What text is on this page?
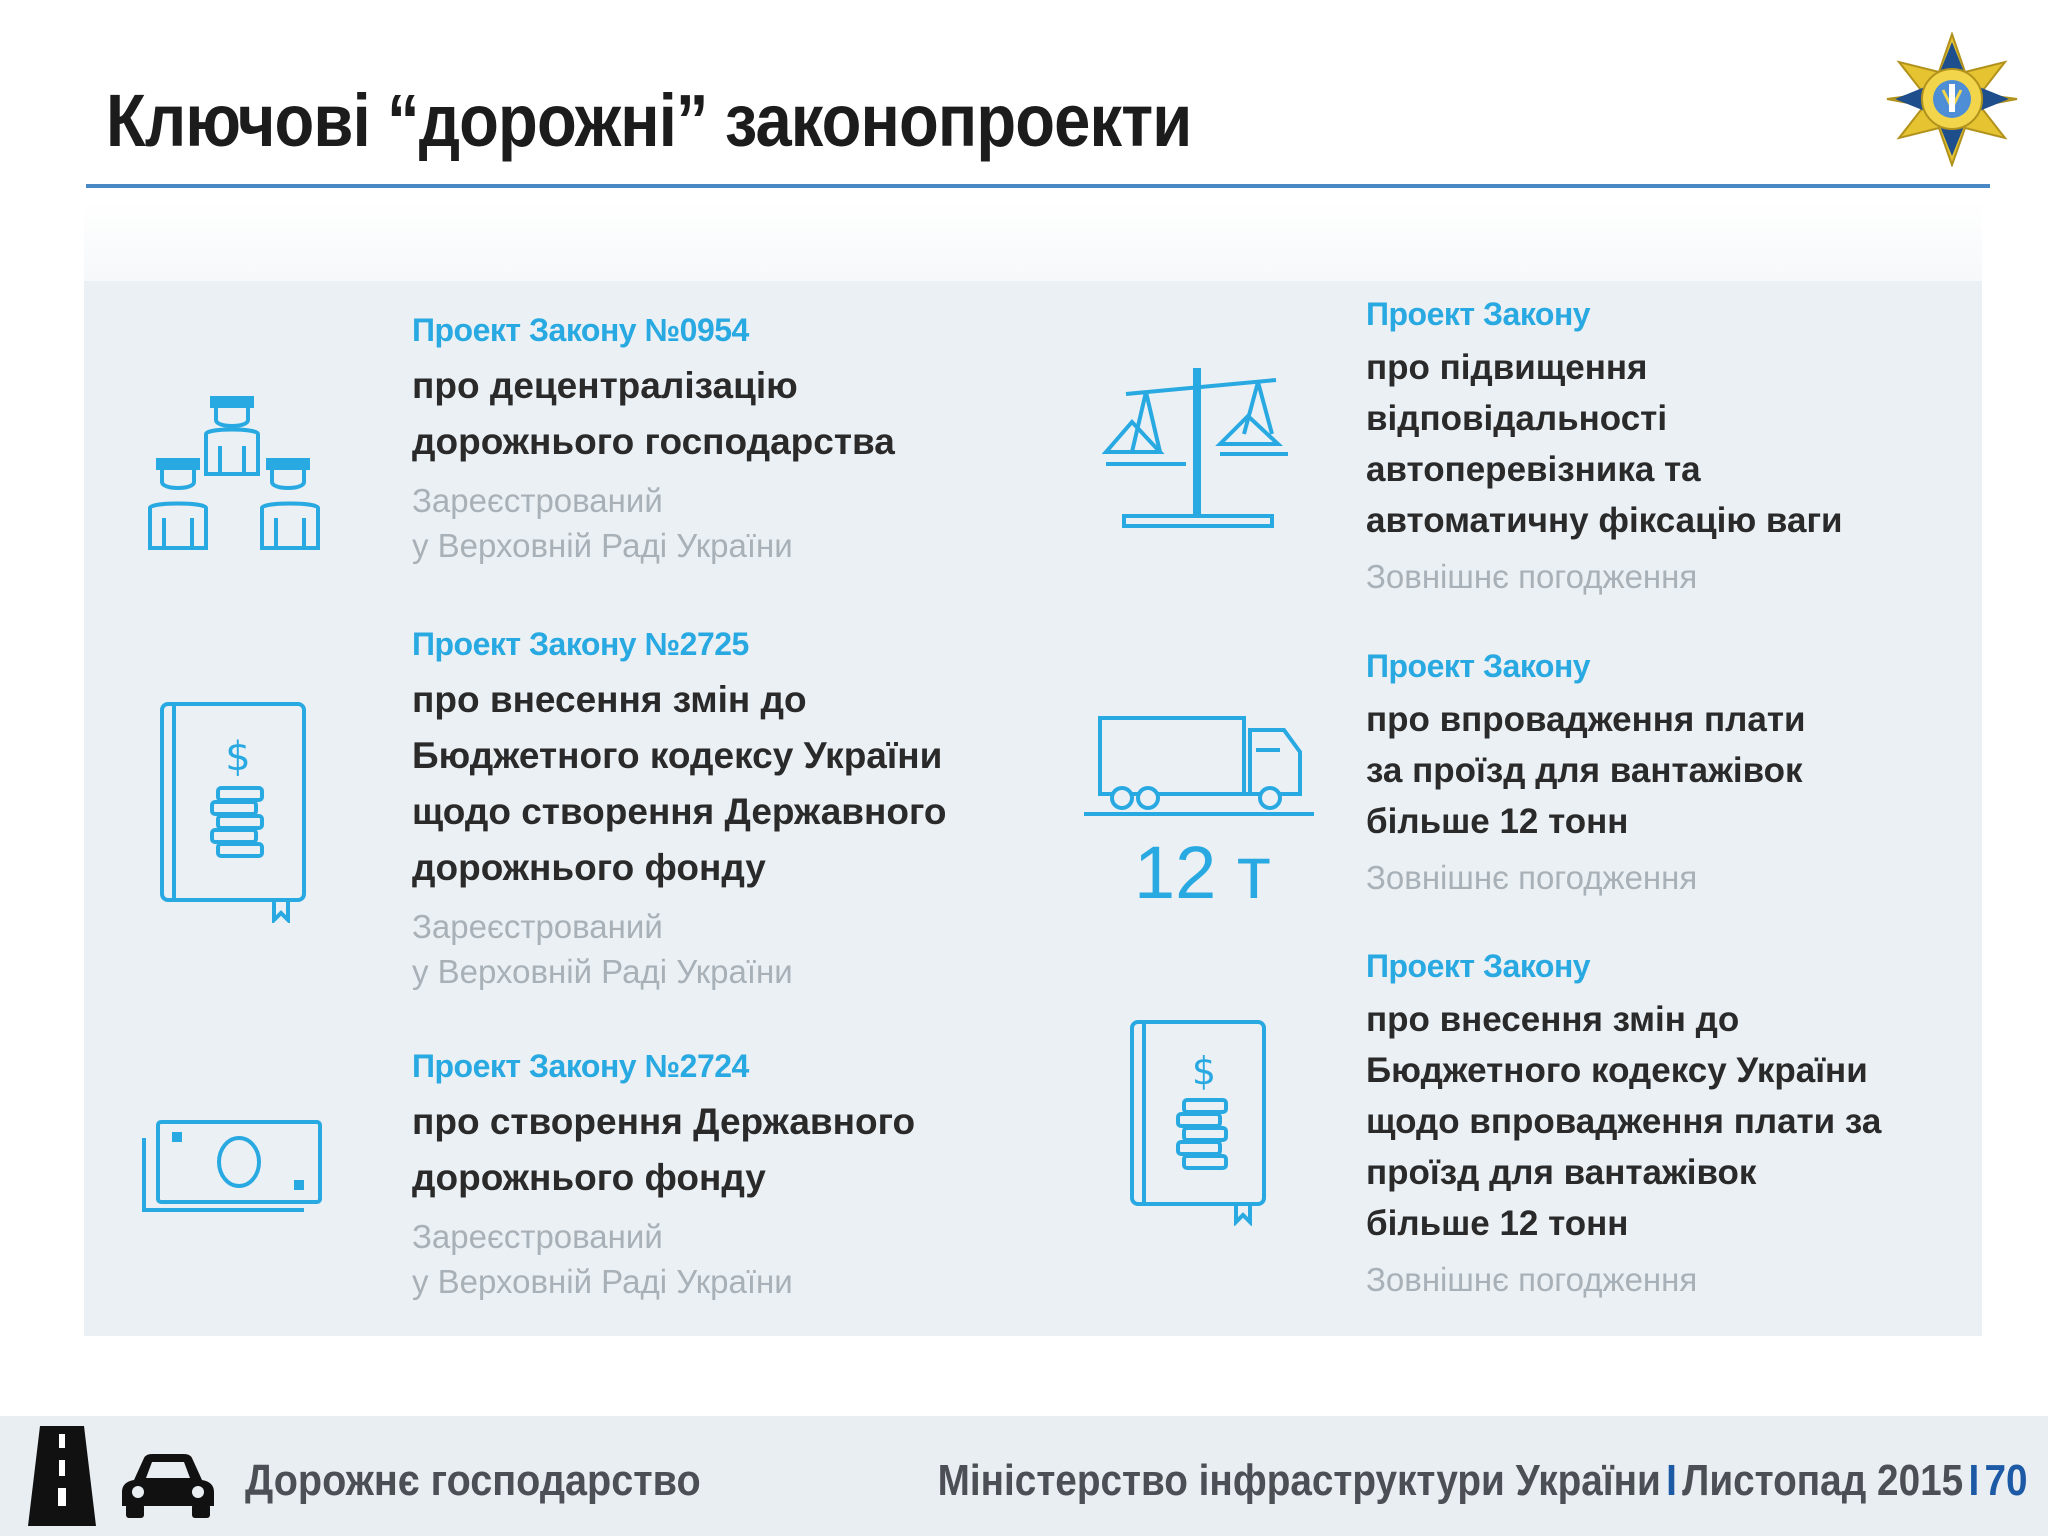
Ключові “дорожні” законопроекти
$
12 т
$
Проект Закону №0954
про децентралізацію
дорожнього господарства
Зареєстрований
у Верховній Раді України
Проект Закону №2725
про внесення змін до
Бюджетного кодексу України
щодо створення Державного
дорожнього фонду
Зареєстрований
у Верховній Раді України
Проект Закону №2724
про створення Державного
дорожнього фонду
Зареєстрований
у Верховній Раді України
Проект Закону
про підвищення
відповідальності
автоперевізника та
автоматичну фіксацію ваги
Зовнішнє погодження
Проект Закону
про впровадження плати
за проїзд для вантажівок
більше 12 тонн
Зовнішнє погодження
Проект Закону
про внесення змін до
Бюджетного кодексу України
щодо впровадження плати за
проїзд для вантажівок
більше 12 тонн
Зовнішнє погодження
Дорожнє господарство	Міністерство інфраструктури України I Листопад 2015 I 70
